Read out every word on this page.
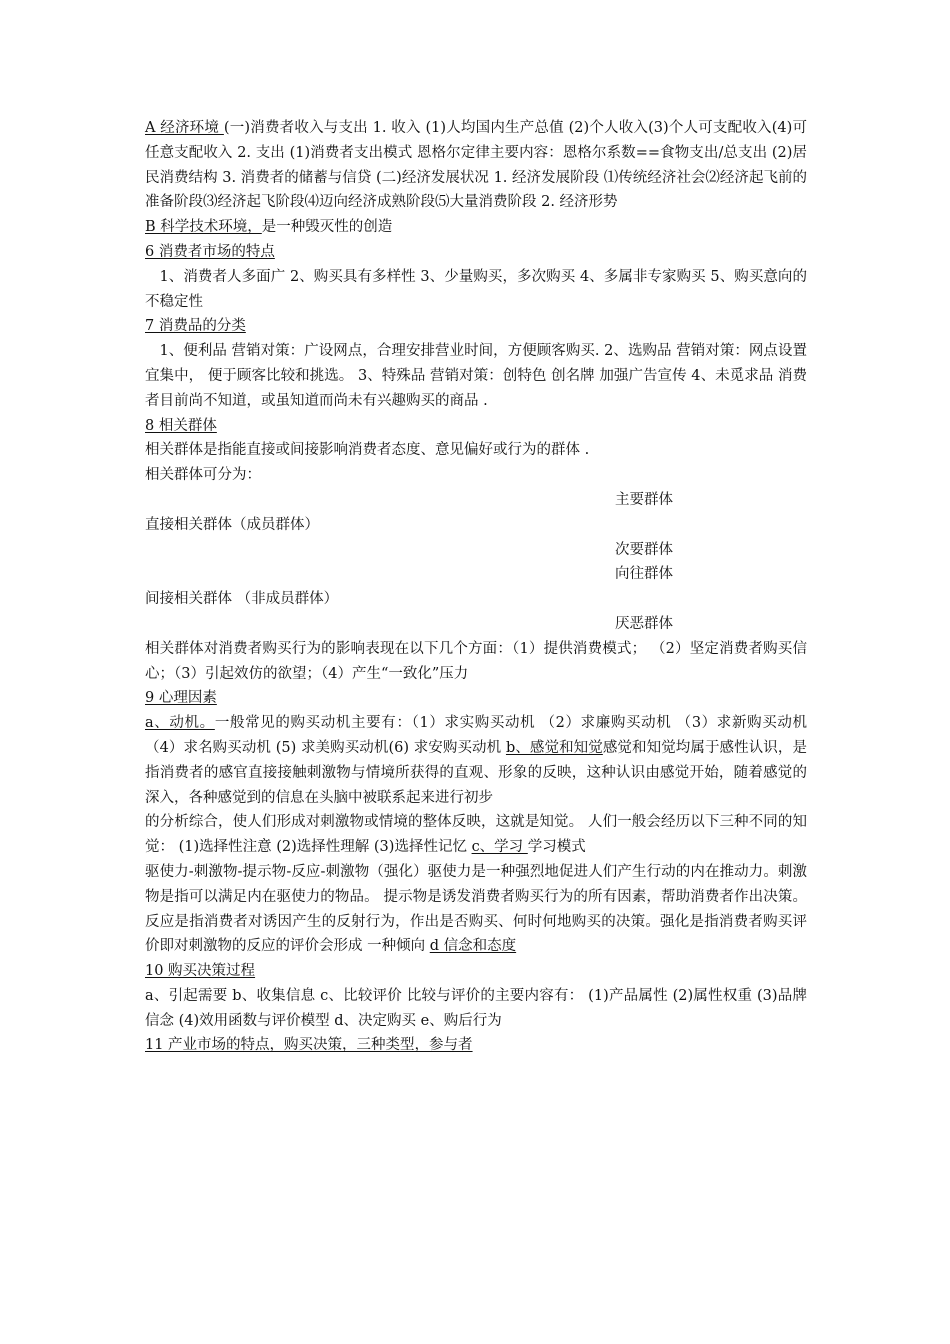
A 经济环境 (一)消费者收入与支出 1. 收入 (1)人均国内生产总值 (2)个人收入(3)个人可支配收入(4)可任意支配收入 2. 支出 (1)消费者支出模式 恩格尔定律主要内容：恩格尔系数==食物支出/总支出 (2)居民消费结构 3. 消费者的储蓄与信贷 (二)经济发展状况 1. 经济发展阶段 ⑴传统经济社会⑵经济起飞前的准备阶段⑶经济起飞阶段⑷迈向经济成熟阶段⑸大量消费阶段 2. 经济形势

B 科学技术环境，是一种毁灭性的创造

6 消费者市场的特点

1、消费者人多面广 2、购买具有多样性 3、少量购买，多次购买 4、多属非专家购买 5、购买意向的不稳定性

7 消费品的分类

1、便利品 营销对策：广设网点，合理安排营业时间，方便顾客购买. 2、选购品 营销对策：网点设置宜集中， 便于顾客比较和挑选。 3、特殊品 营销对策：创特色 创名牌 加强广告宣传 4、未觅求品 消费者目前尚不知道，或虽知道而尚未有兴趣购买的商品 .

8 相关群体

相关群体是指能直接或间接影响消费者态度、意见偏好或行为的群体 .

相关群体可分为：

主要群体

直接相关群体（成员群体）

次要群体

向往群体

间接相关群体 （非成员群体）

厌恶群体

相关群体对消费者购买行为的影响表现在以下几个方面：（1）提供消费模式； （2）坚定消费者购买信心；（3）引起效仿的欲望；（4）产生“一致化”压力

9 心理因素

a、动机。一般常见的购买动机主要有：（1）求实购买动机 （2）求廉购买动机 （3）求新购买动机（4）求名购买动机 (5) 求美购买动机(6) 求安购买动机 b、感觉和知觉感觉和知觉均属于感性认识，是指消费者的感官直接接触刺激物与情境所获得的直观、形象的反映，这种认识由感觉开始，随着感觉的深入，各种感觉到的信息在头脑中被联系起来进行初步

的分析综合，使人们形成对刺激物或情境的整体反映，这就是知觉。 人们一般会经历以下三种不同的知觉： (1)选择性注意 (2)选择性理解 (3)选择性记忆 c、学习 学习模式

驱使力-刺激物-提示物-反应-刺激物（强化）驱使力是一种强烈地促进人们产生行动的内在推动力。刺激物是指可以满足内在驱使力的物品。 提示物是诱发消费者购买行为的所有因素，帮助消费者作出决策。反应是指消费者对诱因产生的反射行为，作出是否购买、何时何地购买的决策。强化是指消费者购买评价即对刺激物的反应的评价会形成 一种倾向 d 信念和态度

10 购买决策过程

a、引起需要 b、收集信息 c、比较评价 比较与评价的主要内容有： (1)产品属性 (2)属性权重 (3)品牌信念 (4)效用函数与评价模型 d、决定购买 e、购后行为

11 产业市场的特点，购买决策，三种类型，参与者
